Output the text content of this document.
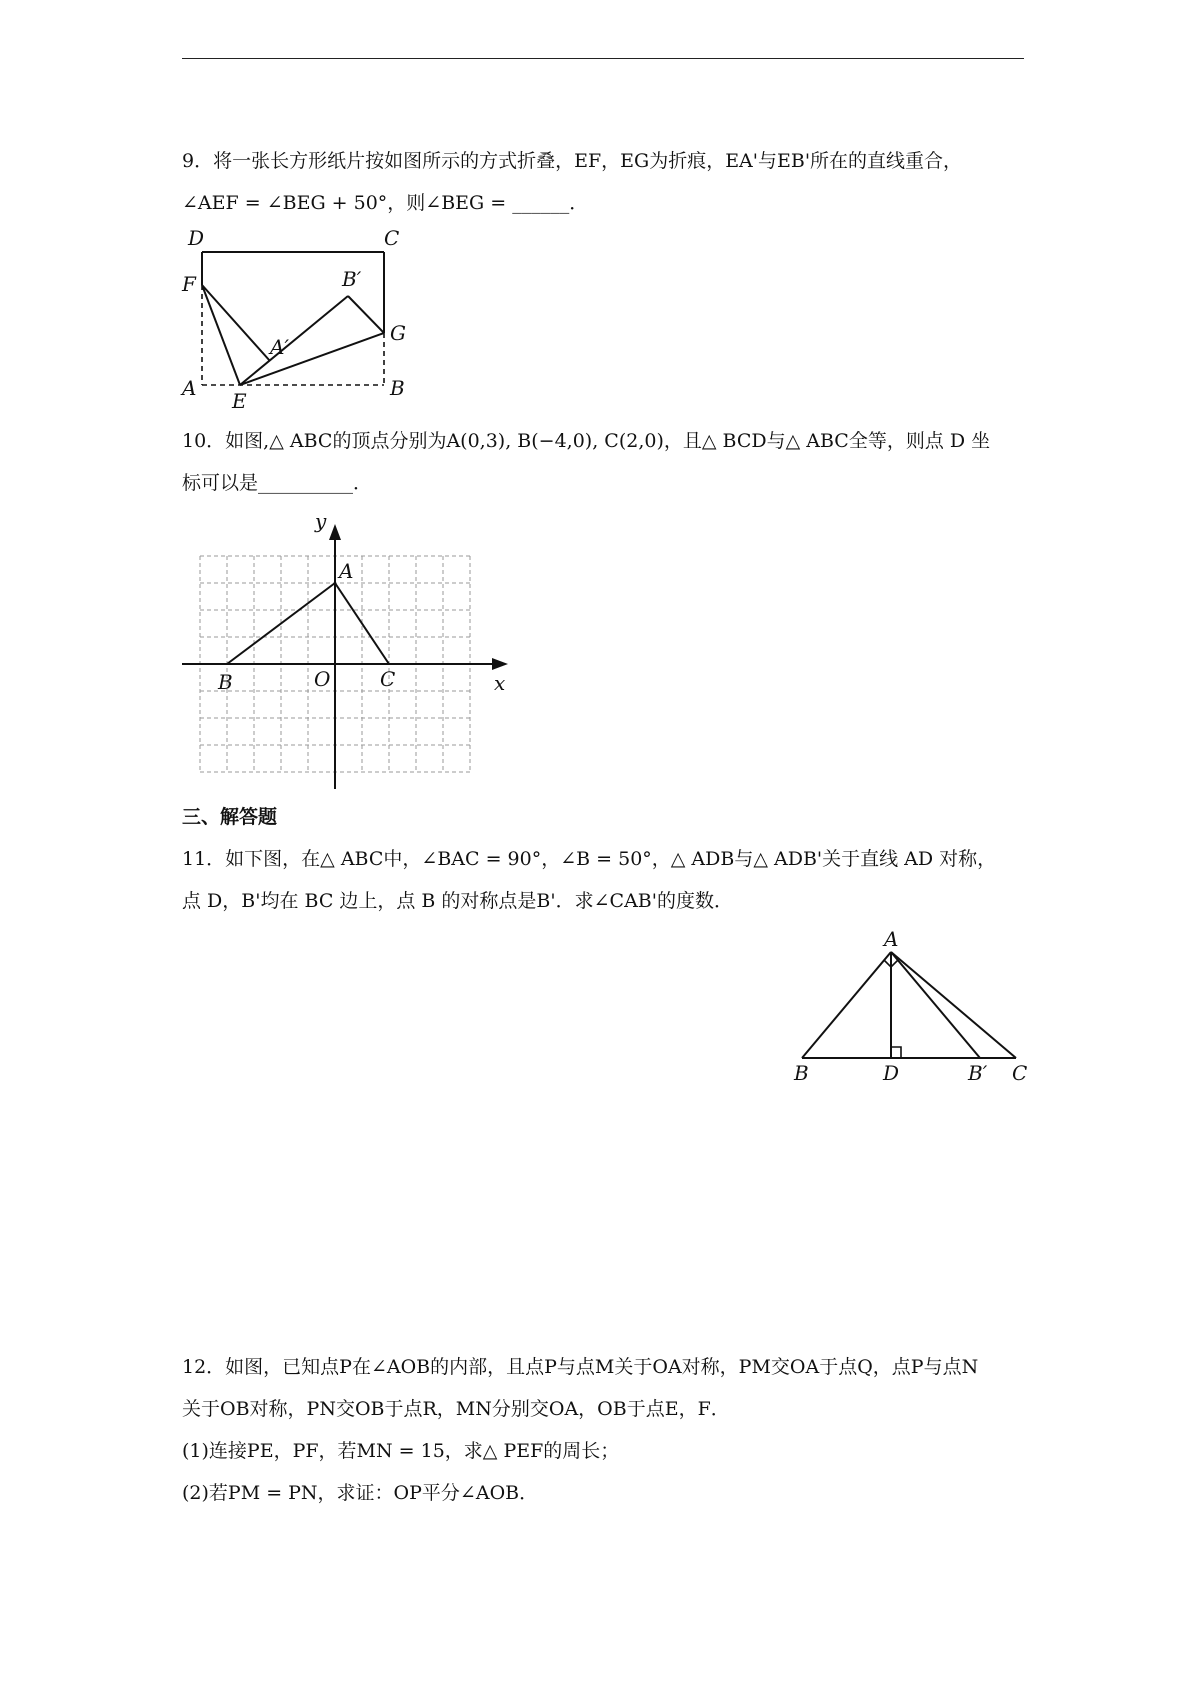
9．将一张长方形纸片按如图所示的方式折叠，EF，EG为折痕，EA'与EB'所在的直线重合，
∠AEF = ∠BEG + 50°，则∠BEG = ______．
D	C
F	B′
A′
G
A
E
B
10．如图,△ ABC的顶点分别为A(0,3), B(−4,0), C(2,0)，且△ BCD与△ ABC全等，则点 D 坐
标可以是__________．
y
A
B	O C	x
三、解答题
11．如下图，在△ ABC中，∠BAC = 90°，∠B = 50°，△ ADB与△ ADB'关于直线 AD 对称，
点 D，B'均在 BC 边上，点 B 的对称点是B'．求∠CAB'的度数．
A
B	D	B′ C
12．如图，已知点P在∠AOB的内部，且点P与点M关于OA对称，PM交OA于点Q，点P与点N
关于OB对称，PN交OB于点R，MN分别交OA，OB于点E，F．
(1)连接PE，PF，若MN = 15，求△ PEF的周长；
(2)若PM = PN，求证：OP平分∠AOB．
